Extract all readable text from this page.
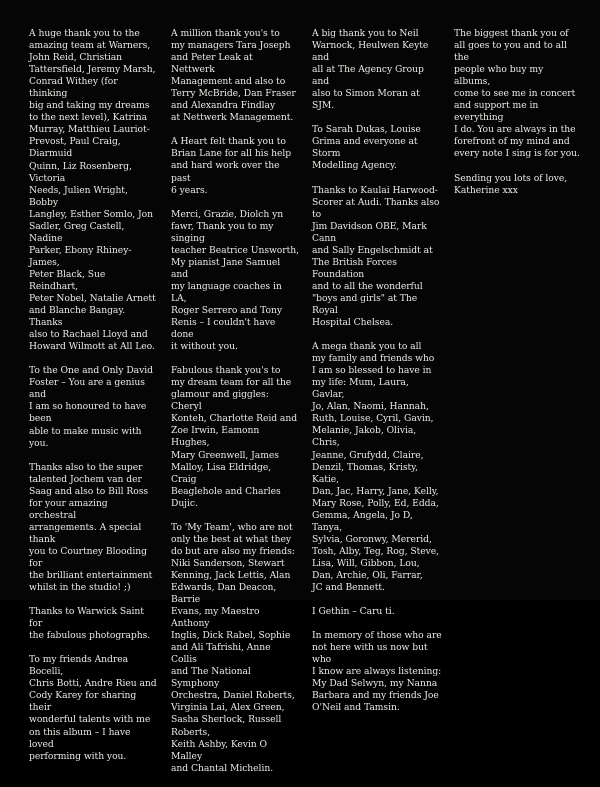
A huge thank you to the
amazing team at Warners,
John Reid, Christian
Tattersfield, Jeremy Marsh,
Conrad Withey (for thinking
big and taking my dreams
to the next level), Katrina
Murray, Matthieu Lauriot-
Prevost, Paul Craig, Diarmuid
Quinn, Liz Rosenberg, Victoria
Needs, Julien Wright, Bobby
Langley, Esther Somlo, Jon
Sadler, Greg Castell, Nadine
Parker, Ebony Rhiney-James,
Peter Black, Sue Reindhart,
Peter Nobel, Natalie Arnett
and Blanche Bangay. Thanks
also to Rachael Lloyd and
Howard Wilmott at All Leo.

To the One and Only David
Foster – You are a genius and
I am so honoured to have been
able to make music with you.

Thanks also to the super
talented Jochem van der
Saag and also to Bill Ross
for your amazing orchestral
arrangements. A special thank
you to Courtney Blooding for
the brilliant entertainment
whilst in the studio! ;)

Thanks to Warwick Saint for
the fabulous photographs.

To my friends Andrea Bocelli,
Chris Botti, Andre Rieu and
Cody Karey for sharing their
wonderful talents with me
on this album – I have loved
performing with you.

A million thank you's to
my managers Tara Joseph
and Peter Leak at Nettwerk
Management and also to
Terry McBride, Dan Fraser
and Alexandra Findlay
at Nettwerk Management.

A Heart felt thank you to
Brian Lane for all his help
and hard work over the past
6 years.

Merci, Grazie, Diolch yn
fawr, Thank you to my singing
teacher Beatrice Unsworth,
My pianist Jane Samuel and
my language coaches in LA,
Roger Serrero and Tony
Renis – I couldn't have done
it without you.

Fabulous thank you's to
my dream team for all the
glamour and giggles: Cheryl
Konteh, Charlotte Reid and
Zoe Irwin, Eamonn Hughes,
Mary Greenwell, James
Malloy, Lisa Eldridge, Craig
Beaglehole and Charles Dujic.

To 'My Team', who are not
only the best at what they
do but are also my friends:
Niki Sanderson, Stewart
Kenning, Jack Lettis, Alan
Edwards, Dan Deacon, Barrie
Evans, my Maestro Anthony
Inglis, Dick Rabel, Sophie
and Ali Tafrishi, Anne Collis
and The National Symphony
Orchestra, Daniel Roberts,
Virginia Lai, Alex Green,
Sasha Sherlock, Russell Roberts,
Keith Ashby, Kevin O Malley
and Chantal Michelin.

A big thank you to Neil
Warnock, Heulwen Keyte and
all at The Agency Group and
also to Simon Moran at SJM.

To Sarah Dukas, Louise
Grima and everyone at Storm
Modelling Agency.

Thanks to Kaulai Harwood-
Scorer at Audi. Thanks also to
Jim Davidson OBE, Mark Cann
and Sally Engelschmidt at
The British Forces Foundation
and to all the wonderful
"boys and girls" at The Royal
Hospital Chelsea.

A mega thank you to all
my family and friends who
I am so blessed to have in
my life: Mum, Laura, Gavlar,
Jo, Alan, Naomi, Hannah,
Ruth, Louise, Cyril, Gavin,
Melanie, Jakob, Olivia, Chris,
Jeanne, Grufydd, Claire,
Denzil, Thomas, Kristy, Katie,
Dan, Jac, Harry, Jane, Kelly,
Mary Rose, Polly, Ed, Edda,
Gemma, Angela, Jo D, Tanya,
Sylvia, Goronwy, Mererid,
Tosh, Alby, Teg, Rog, Steve,
Lisa, Will, Gibbon, Lou,
Dan, Archie, Oli, Farrar,
JC and Bennett.

I Gethin – Caru ti.

In memory of those who are
not here with us now but who
I know are always listening:
My Dad Selwyn, my Nanna
Barbara and my friends Joe
O'Neil and Tamsin.

The biggest thank you of
all goes to you and to all the
people who buy my albums,
come to see me in concert
and support me in everything
I do. You are always in the
forefront of my mind and
every note I sing is for you.

Sending you lots of love,
Katherine xxx
